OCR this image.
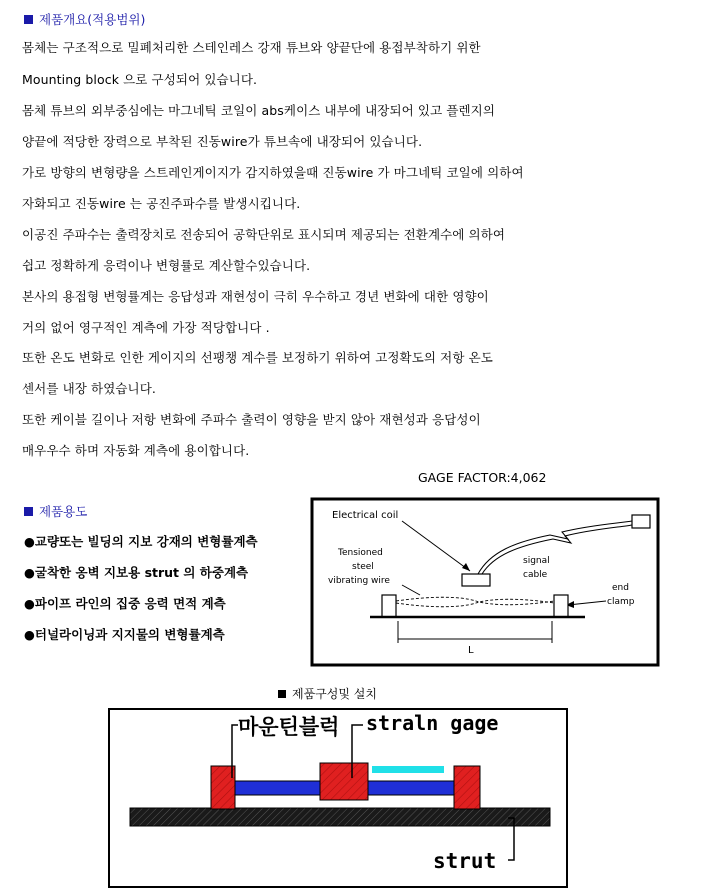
제품개요(적용범위)
몸체는 구조적으로 밀폐처리한 스테인레스 강재 튜브와 양끝단에 용접부착하기 위한
Mounting block 으로 구성되어 있습니다.
몸체 튜브의 외부중심에는 마그네틱 코일이 abs케이스 내부에 내장되어 있고 플렌지의
양끝에 적당한 장력으로 부착된 진동wire가 튜브속에 내장되어 있습니다.
가로 방향의 변형량을 스트레인게이지가 감지하였을때 진동wire 가 마그네틱 코일에 의하여
자화되고 진동wire 는 공진주파수를 발생시킵니다.
이공진 주파수는 출력장치로 전송되어 공학단위로 표시되며 제공되는 전환계수에 의하여
쉽고 정확하게 응력이나 변형률로 계산할수있습니다.
본사의 용접형 변형률계는 응답성과 재현성이 극히 우수하고 경년 변화에 대한 영향이
거의 없어 영구적인 계측에 가장 적당합니다 .
또한 온도 변화로 인한 게이지의 선팽챙 계수를 보정하기 위하여 고정확도의 저항 온도
센서를 내장 하였습니다.
또한 케이블 길이나 저항 변화에 주파수 출력이 영향을 받지 않아 재현성과 응답성이
매우우수 하며 자동화 계측에 용이합니다.
GAGE FACTOR:4,062
제품용도
●교량또는 빌딩의 지보 강재의 변형률계측
●굴착한 옹벽 지보용 strut 의 하중계측
●파이프 라인의 집중 응력 면적 계측
●터널라이닝과 지지물의 변형률계측
Electrical coil
Tensioned
steel
vibrating wire
signal
cable
end
clamp
L
제품구성및 설치
마운틴블럭 straln gage
strut
